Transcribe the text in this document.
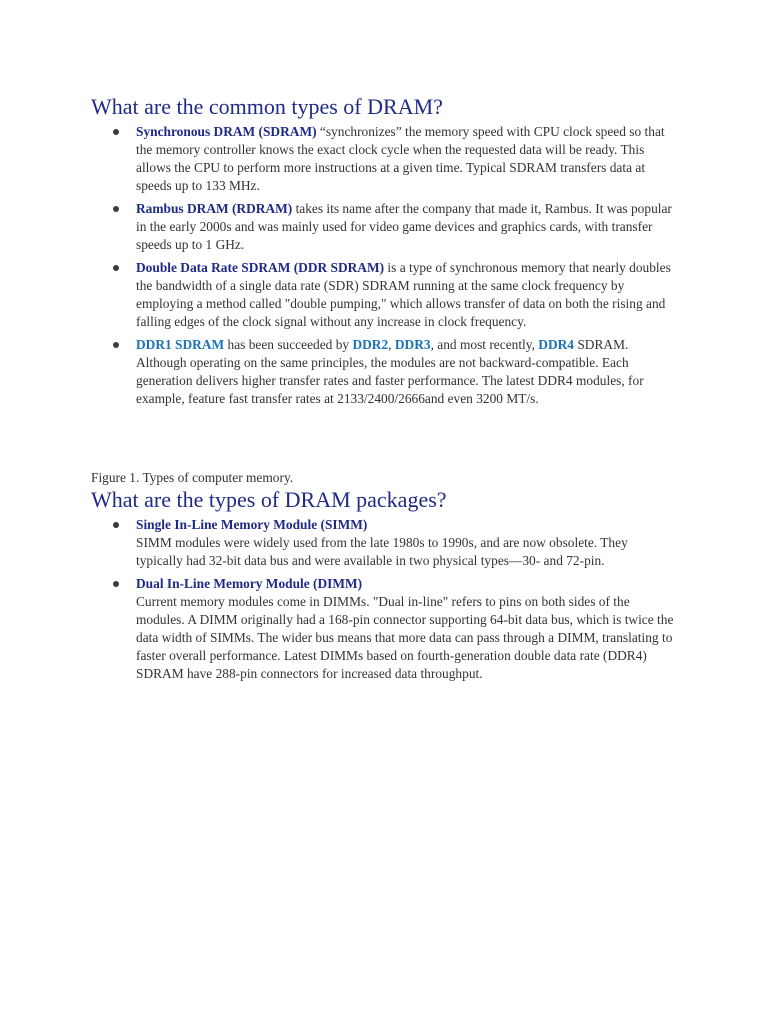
What are the common types of DRAM?
Synchronous DRAM (SDRAM) “synchronizes” the memory speed with CPU clock speed so that the memory controller knows the exact clock cycle when the requested data will be ready. This allows the CPU to perform more instructions at a given time. Typical SDRAM transfers data at speeds up to 133 MHz.
Rambus DRAM (RDRAM) takes its name after the company that made it, Rambus. It was popular in the early 2000s and was mainly used for video game devices and graphics cards, with transfer speeds up to 1 GHz.
Double Data Rate SDRAM (DDR SDRAM) is a type of synchronous memory that nearly doubles the bandwidth of a single data rate (SDR) SDRAM running at the same clock frequency by employing a method called "double pumping," which allows transfer of data on both the rising and falling edges of the clock signal without any increase in clock frequency.
DDR1 SDRAM has been succeeded by DDR2, DDR3, and most recently, DDR4 SDRAM. Although operating on the same principles, the modules are not backward-compatible. Each generation delivers higher transfer rates and faster performance. The latest DDR4 modules, for example, feature fast transfer rates at 2133/2400/2666and even 3200 MT/s.

Figure 1. Types of computer memory.

What are the types of DRAM packages?
Single In-Line Memory Module (SIMM)
SIMM modules were widely used from the late 1980s to 1990s, and are now obsolete. They typically had 32-bit data bus and were available in two physical types—30- and 72-pin.
Dual In-Line Memory Module (DIMM)
Current memory modules come in DIMMs. "Dual in-line" refers to pins on both sides of the modules. A DIMM originally had a 168-pin connector supporting 64-bit data bus, which is twice the data width of SIMMs. The wider bus means that more data can pass through a DIMM, translating to faster overall performance. Latest DIMMs based on fourth-generation double data rate (DDR4) SDRAM have 288-pin connectors for increased data throughput.
